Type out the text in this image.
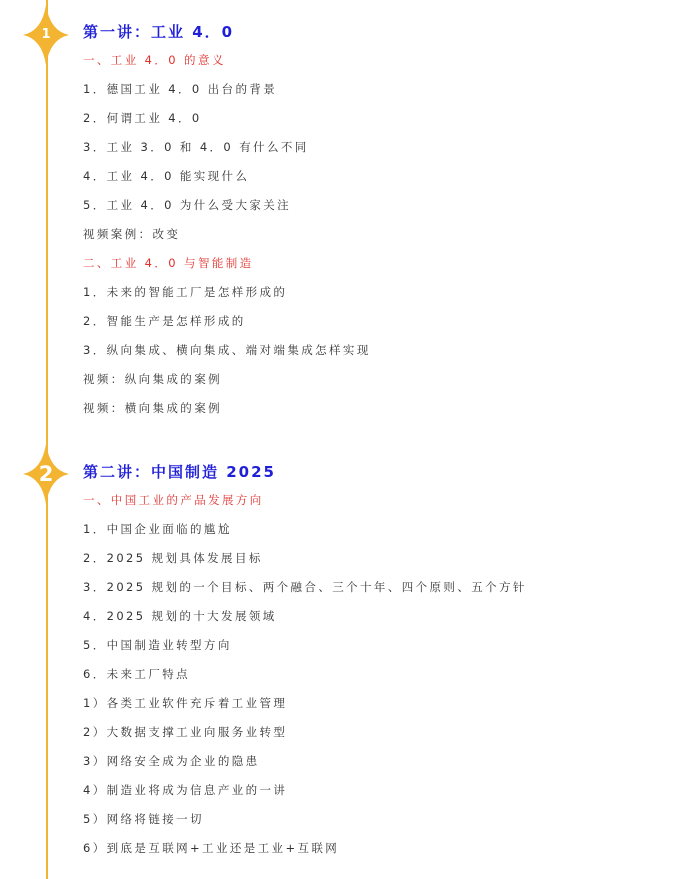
1	第一讲：工业 4．0
一、工业 4．0 的意义
1．德国工业 4．0 出台的背景
2．何谓工业 4．0
3．工业 3．0 和 4．0 有什么不同
4．工业 4．0 能实现什么
5．工业 4．0 为什么受大家关注
视频案例：改变
二、工业 4．0 与智能制造
1．未来的智能工厂是怎样形成的
2．智能生产是怎样形成的
3．纵向集成、横向集成、端对端集成怎样实现
视频：纵向集成的案例
视频：横向集成的案例
2	第二讲：中国制造 2025
一、中国工业的产品发展方向
1．中国企业面临的尴尬
2．2025 规划具体发展目标
3．2025 规划的一个目标、两个融合、三个十年、四个原则、五个方针
4．2025 规划的十大发展领域
5．中国制造业转型方向
6．未来工厂特点
1）各类工业软件充斥着工业管理
2）大数据支撑工业向服务业转型
3）网络安全成为企业的隐患
4）制造业将成为信息产业的一讲
5）网络将链接一切
6）到底是互联网+工业还是工业+互联网
